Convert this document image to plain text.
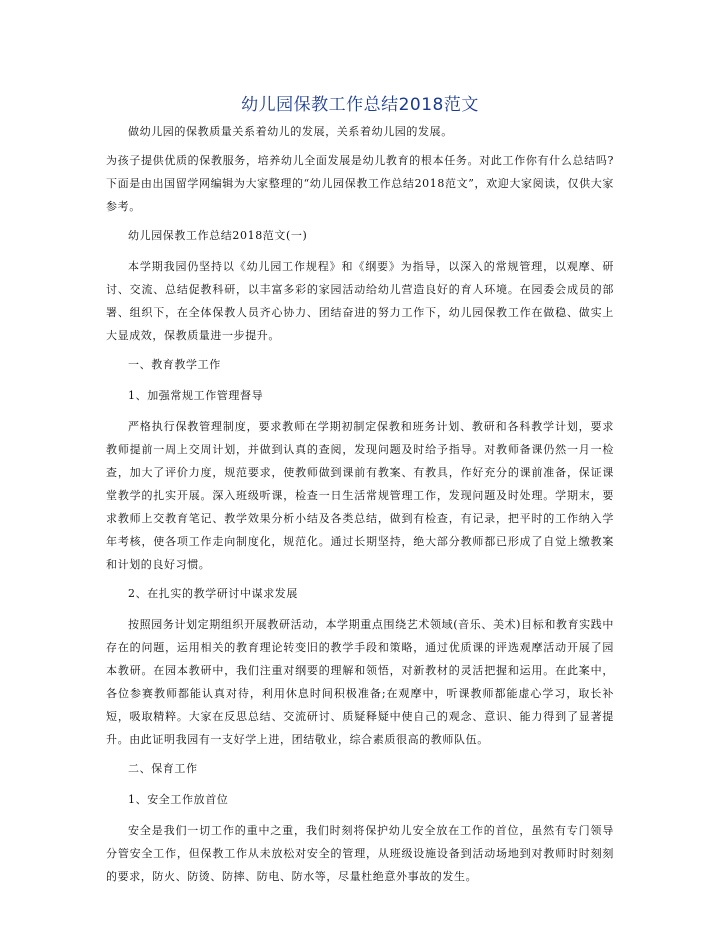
幼儿园保教工作总结2018范文

做幼儿园的保教质量关系着幼儿的发展，关系着幼儿园的发展。

为孩子提供优质的保教服务，培养幼儿全面发展是幼儿教育的根本任务。对此工作你有什么总结吗?下面是由出国留学网编辑为大家整理的“幼儿园保教工作总结2018范文”，欢迎大家阅读，仅供大家参考。

幼儿园保教工作总结2018范文(一)

本学期我园仍坚持以《幼儿园工作规程》和《纲要》为指导，以深入的常规管理，以观摩、研讨、交流、总结促教科研，以丰富多彩的家园活动给幼儿营造良好的育人环境。在园委会成员的部署、组织下，在全体保教人员齐心协力、团结奋进的努力工作下，幼儿园保教工作在做稳、做实上大显成效，保教质量进一步提升。

一、教育教学工作

1、加强常规工作管理督导

严格执行保教管理制度，要求教师在学期初制定保教和班务计划、教研和各科教学计划，要求教师提前一周上交周计划，并做到认真的查阅，发现问题及时给予指导。对教师备课仍然一月一检查，加大了评价力度，规范要求，使教师做到课前有教案、有教具，作好充分的课前准备，保证课堂教学的扎实开展。深入班级听课，检查一日生活常规管理工作，发现问题及时处理。学期末，要求教师上交教育笔记、教学效果分析小结及各类总结，做到有检查，有记录，把平时的工作纳入学年考核，使各项工作走向制度化，规范化。通过长期坚持，绝大部分教师都已形成了自觉上缴教案和计划的良好习惯。

2、在扎实的教学研讨中谋求发展

按照园务计划定期组织开展教研活动，本学期重点围绕艺术领域(音乐、美术)目标和教育实践中存在的问题，运用相关的教育理论转变旧的教学手段和策略，通过优质课的评选观摩活动开展了园本教研。在园本教研中，我们注重对纲要的理解和领悟，对新教材的灵活把握和运用。在此案中，各位参赛教师都能认真对待，利用休息时间积极准备;在观摩中，听课教师都能虚心学习，取长补短，吸取精粹。大家在反思总结、交流研讨、质疑释疑中使自己的观念、意识、能力得到了显著提升。由此证明我园有一支好学上进，团结敬业，综合素质很高的教师队伍。

二、保育工作

1、安全工作放首位

安全是我们一切工作的重中之重，我们时刻将保护幼儿安全放在工作的首位，虽然有专门领导分管安全工作，但保教工作从未放松对安全的管理，从班级设施设备到活动场地到对教师时时刻刻的要求，防火、防烫、防摔、防电、防水等，尽量杜绝意外事故的发生。
